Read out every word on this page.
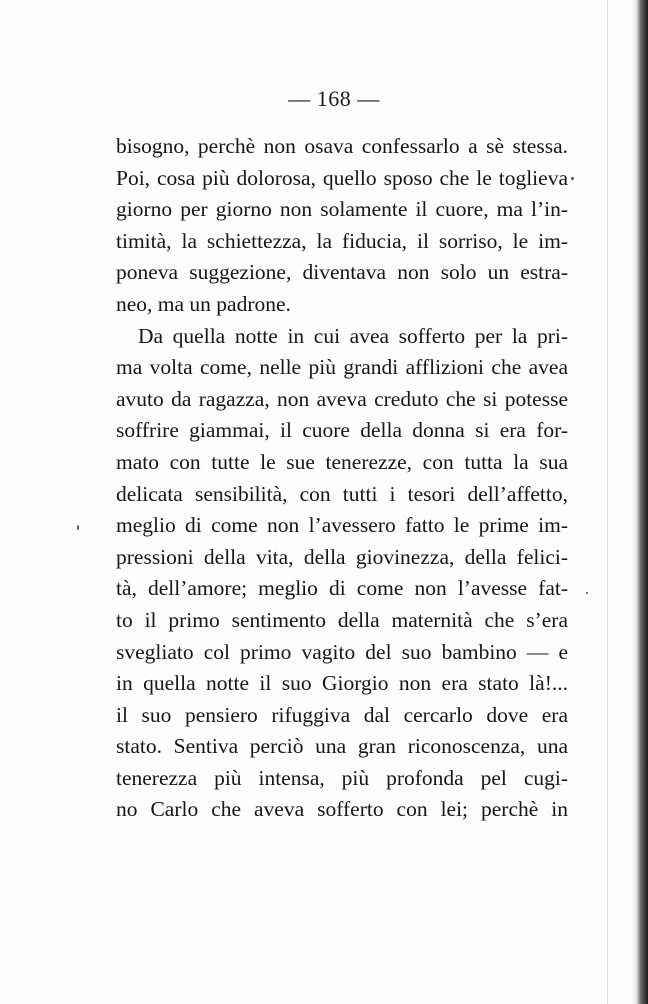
— 168 —
bisogno, perchè non osava confessarlo a sè stessa.
Poi, cosa più dolorosa, quello sposo che le toglieva
giorno per giorno non solamente il cuore, ma l’in-
timità, la schiettezza, la fiducia, il sorriso, le im-
poneva suggezione, diventava non solo un estra-
neo, ma un padrone.
Da quella notte in cui avea sofferto per la pri-
ma volta come, nelle più grandi afflizioni che avea
avuto da ragazza, non aveva creduto che si potesse
soffrire giammai, il cuore della donna si era for-
mato con tutte le sue tenerezze, con tutta la sua
delicata sensibilità, con tutti i tesori dell’affetto,
meglio di come non l’avessero fatto le prime im-
pressioni della vita, della giovinezza, della felici-
tà, dell’amore; meglio di come non l’avesse fat-
to il primo sentimento della maternità che s’era
svegliato col primo vagito del suo bambino — e
in quella notte il suo Giorgio non era stato là!...
il suo pensiero rifuggiva dal cercarlo dove era
stato. Sentiva perciò una gran riconoscenza, una
tenerezza più intensa, più profonda pel cugi-
no Carlo che aveva sofferto con lei; perchè in
